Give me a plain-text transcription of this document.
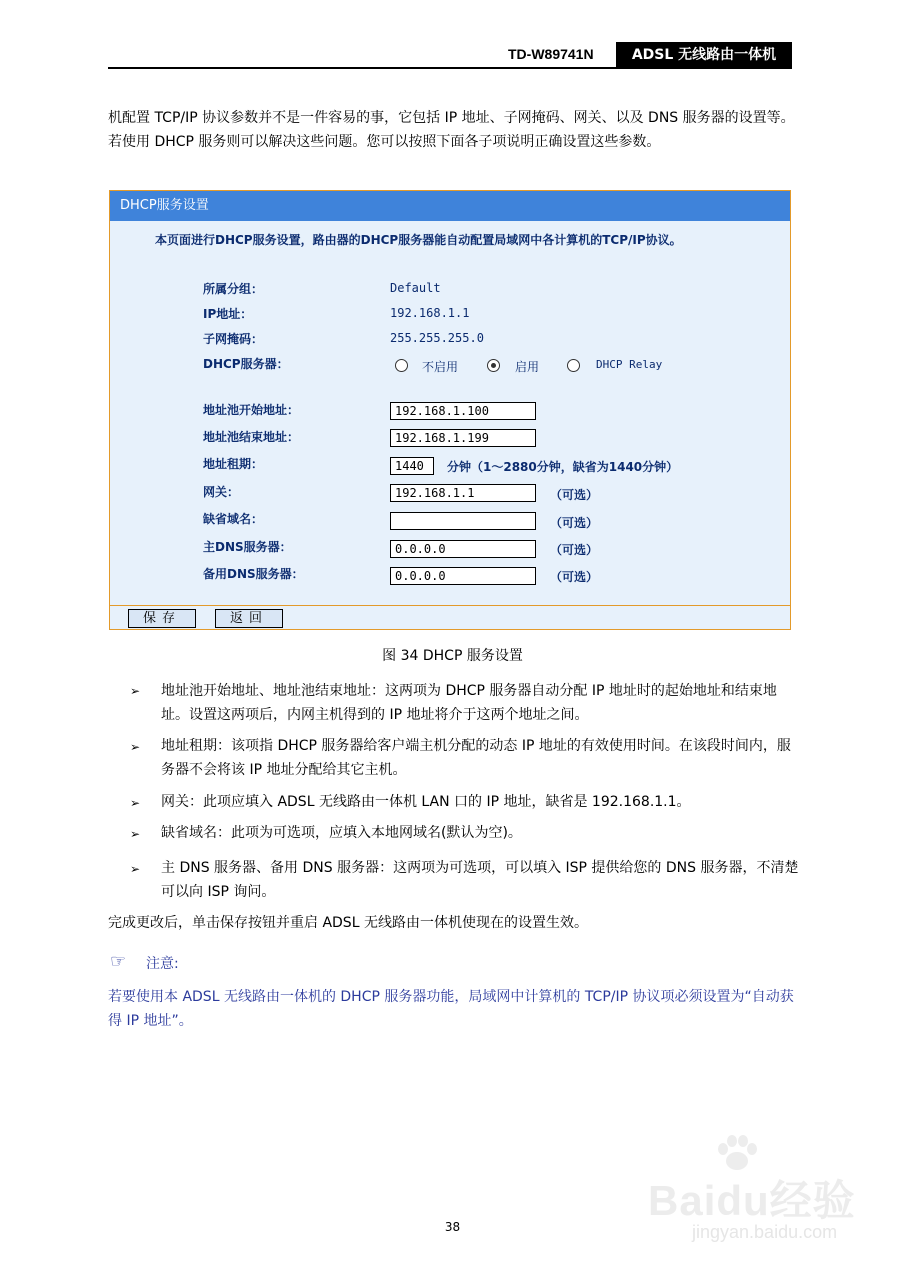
TD-W89741N	ADSL 无线路由一体机
机配置 TCP/IP 协议参数并不是一件容易的事，它包括 IP 地址、子网掩码、网关、以及 DNS 服务器的设置等。若使用 DHCP 服务则可以解决这些问题。您可以按照下面各子项说明正确设置这些参数。
DHCP服务设置
本页面进行DHCP服务设置，路由器的DHCP服务器能自动配置局域网中各计算机的TCP/IP协议。
所属分组：	Default
IP地址：	192.168.1.1
子网掩码：	255.255.255.0
DHCP服务器：	不启用	启用	DHCP Relay
地址池开始地址：
192.168.1.100
地址池结束地址：
192.168.1.199
地址租期：
1440	分钟（1～2880分钟，缺省为1440分钟）
网关：
192.168.1.1	（可选）
缺省域名：	（可选）
主DNS服务器：
0.0.0.0	（可选）
备用DNS服务器：
0.0.0.0	（可选）
保存	返回
图 34 DHCP 服务设置
➢ 地址池开始地址、地址池结束地址：这两项为 DHCP 服务器自动分配 IP 地址时的起始地址和结束地址。设置这两项后，内网主机得到的 IP 地址将介于这两个地址之间。
➢ 地址租期：该项指 DHCP 服务器给客户端主机分配的动态 IP 地址的有效使用时间。在该段时间内，服务器不会将该 IP 地址分配给其它主机。
➢ 网关：此项应填入 ADSL 无线路由一体机 LAN 口的 IP 地址，缺省是 192.168.1.1。
➢ 缺省域名：此项为可选项，应填入本地网域名(默认为空)。
➢ 主 DNS 服务器、备用 DNS 服务器：这两项为可选项，可以填入 ISP 提供给您的 DNS 服务器，不清楚可以向 ISP 询问。
完成更改后，单击保存按钮并重启 ADSL 无线路由一体机使现在的设置生效。
☞ 注意:
若要使用本 ADSL 无线路由一体机的 DHCP 服务器功能，局域网中计算机的 TCP/IP 协议项必须设置为“自动获得 IP 地址”。
Baidu经验
jingyan.baidu.com
38
